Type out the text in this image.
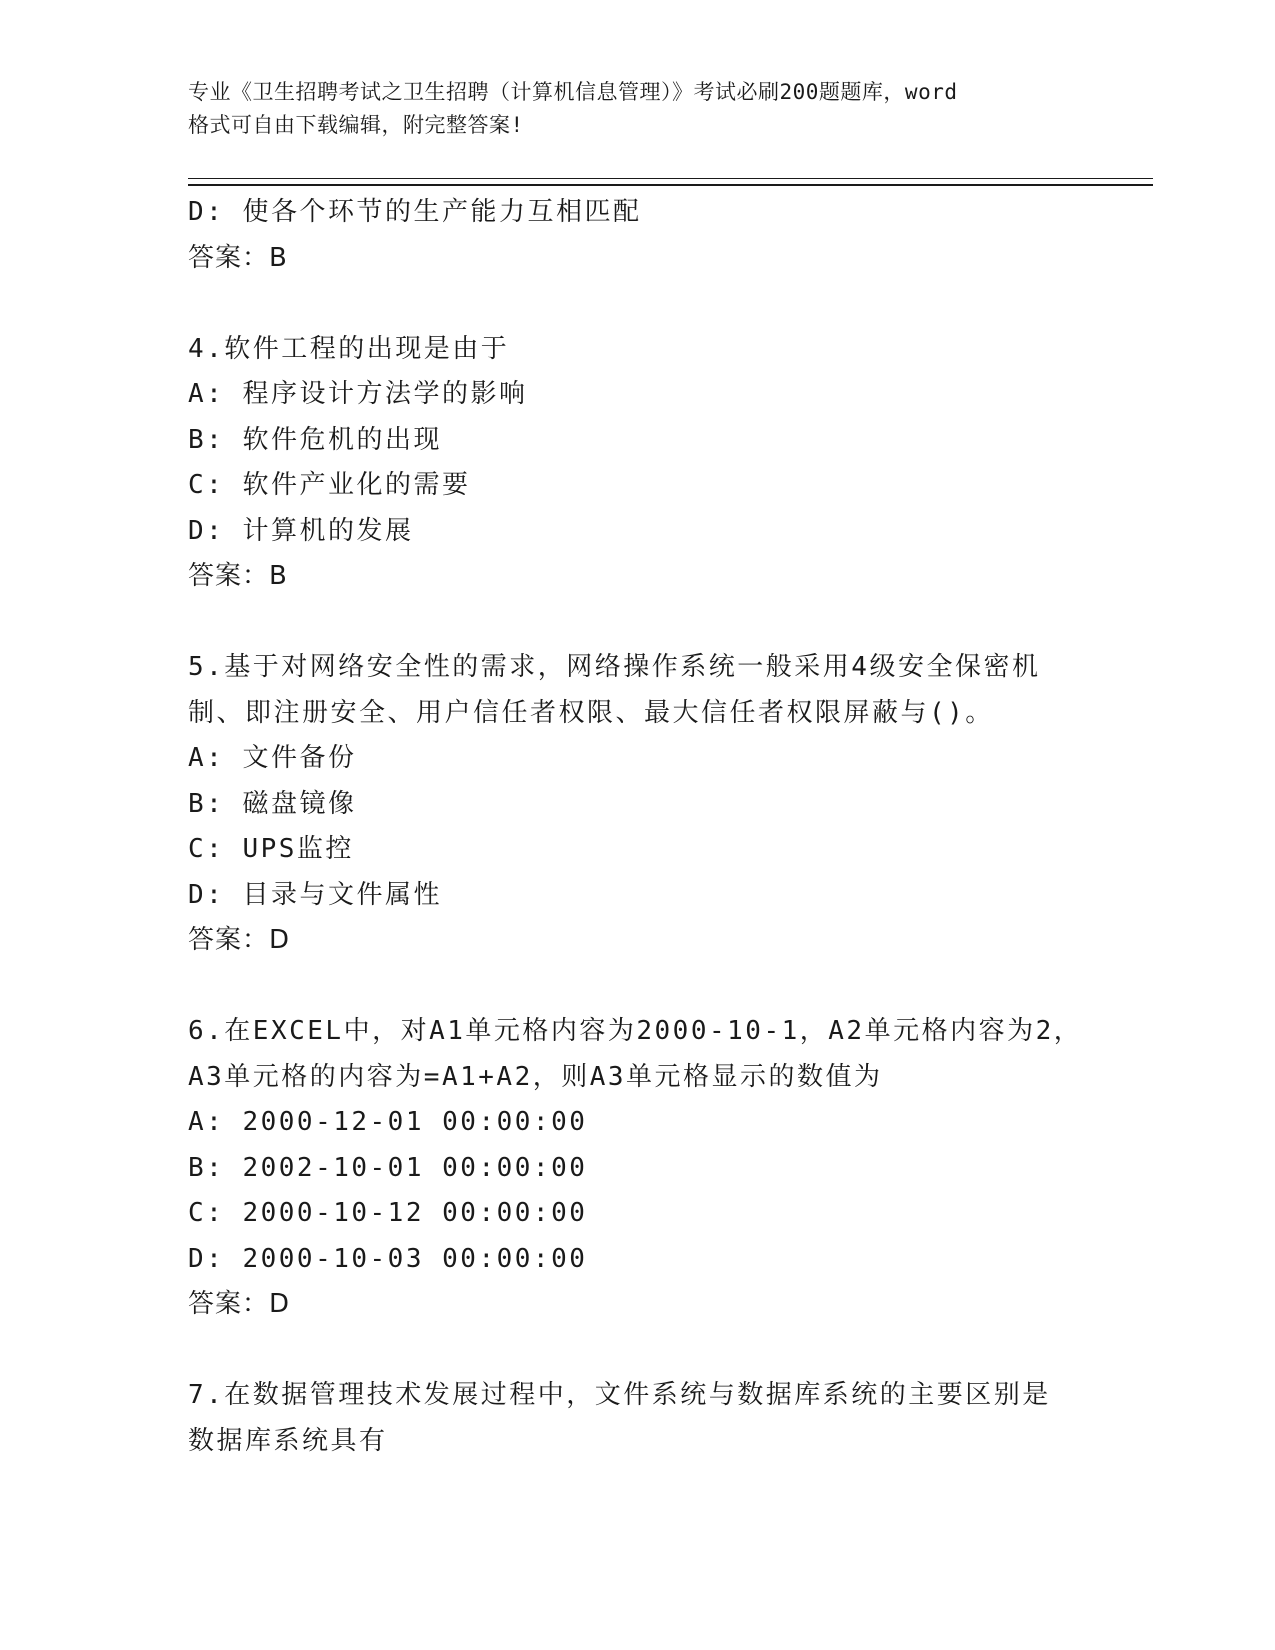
专业《卫生招聘考试之卫生招聘（计算机信息管理）》考试必刷200题题库，word
格式可自由下载编辑，附完整答案!
D: 使各个环节的生产能力互相匹配
答案：B
4.软件工程的出现是由于
A: 程序设计方法学的影响
B: 软件危机的出现
C: 软件产业化的需要
D: 计算机的发展
答案：B
5.基于对网络安全性的需求，网络操作系统一般采用4级安全保密机
制、即注册安全、用户信任者权限、最大信任者权限屏蔽与()。
A: 文件备份
B: 磁盘镜像
C: UPS监控
D: 目录与文件属性
答案：D
6.在EXCEL中，对A1单元格内容为2000-10-1，A2单元格内容为2，
A3单元格的内容为=A1+A2，则A3单元格显示的数值为
A: 2000-12-01 00:00:00
B: 2002-10-01 00:00:00
C: 2000-10-12 00:00:00
D: 2000-10-03 00:00:00
答案：D
7.在数据管理技术发展过程中，文件系统与数据库系统的主要区别是
数据库系统具有
